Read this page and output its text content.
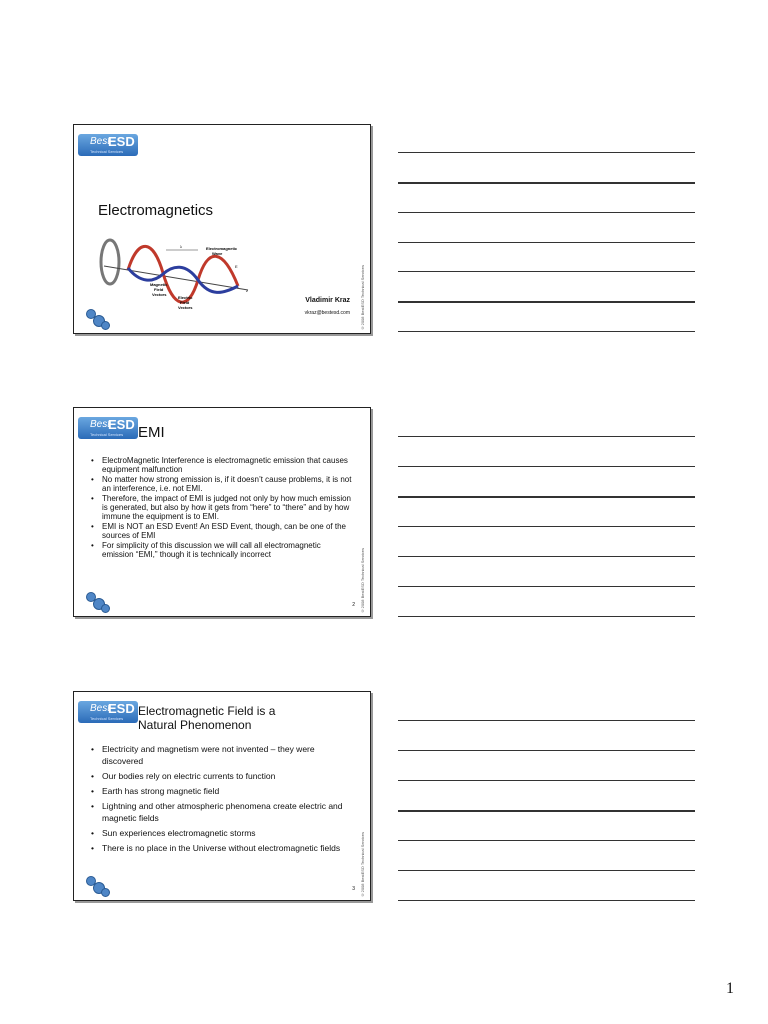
Best
ESD
Technical Services
Electromagnetics
λ	Electromagnetic
Wave
Magnetic
Field
Vectors
Electric
Field
Vectors
E
z
Vladimir Kraz
vkraz@bestesd.com	©2008 BestESD Technical Services
Best
ESD
Technical Services EMI
• ElectroMagnetic Interference is electromagnetic emission that causes equipment malfunction
• No matter how strong emission is, if it doesn’t cause problems, it is not an interference, i.e. not EMI.
• Therefore, the impact of EMI is judged not only by how much emission is generated, but also by how it gets from “here” to “there” and by how immune the equipment is to EMI.
• EMI is NOT an ESD Event! An ESD Event, though, can be one of the sources of EMI
• For simplicity of this discussion we will call all electromagnetic emission “EMI,” though it is technically incorrect	©2008 BestESD Technical Services
2
Best
ESD
Technical Services
Electromagnetic Field is a
Natural Phenomenon
• Electricity and magnetism were not invented – they were discovered
• Our bodies rely on electric currents to function
• Earth has strong magnetic field
• Lightning and other atmospheric phenomena create electric and magnetic fields
• Sun experiences electromagnetic storms
• There is no place in the Universe without electromagnetic fields	©2008 BestESD Technical Services
3
1
